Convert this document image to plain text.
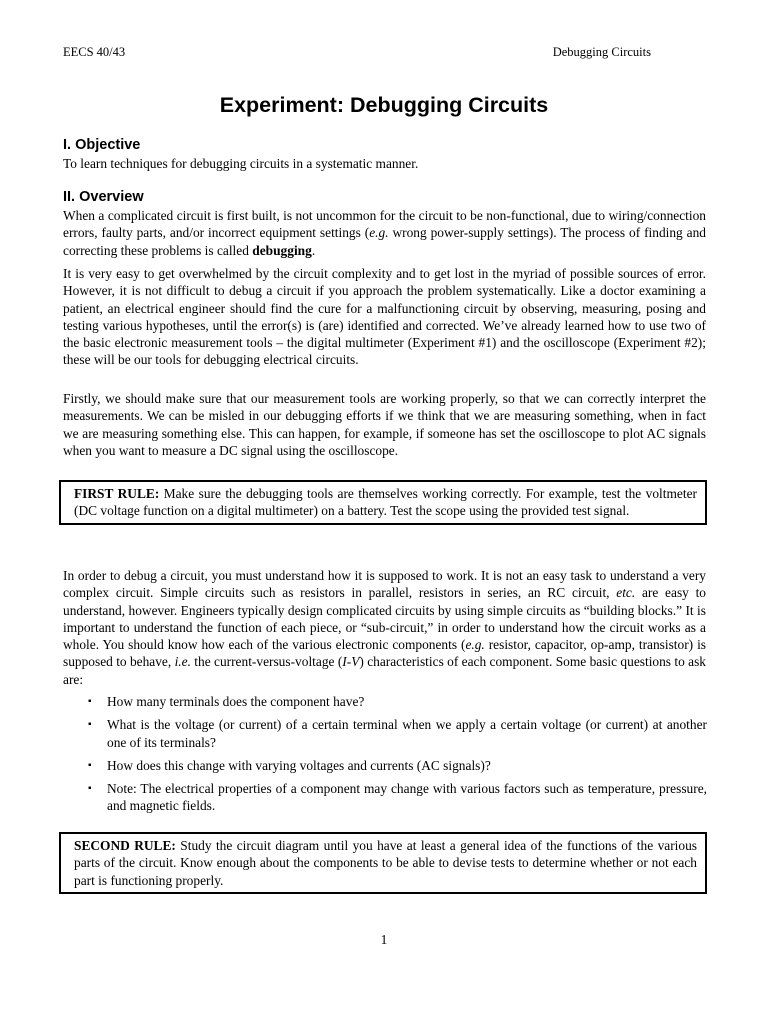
EECS 40/43	Debugging Circuits
Experiment: Debugging Circuits
I. Objective
To learn techniques for debugging circuits in a systematic manner.
II. Overview
When a complicated circuit is first built, is not uncommon for the circuit to be non-functional, due to wiring/connection errors, faulty parts, and/or incorrect equipment settings (e.g. wrong power-supply settings). The process of finding and correcting these problems is called debugging.
It is very easy to get overwhelmed by the circuit complexity and to get lost in the myriad of possible sources of error. However, it is not difficult to debug a circuit if you approach the problem systematically. Like a doctor examining a patient, an electrical engineer should find the cure for a malfunctioning circuit by observing, measuring, posing and testing various hypotheses, until the error(s) is (are) identified and corrected. We’ve already learned how to use two of the basic electronic measurement tools – the digital multimeter (Experiment #1) and the oscilloscope (Experiment #2); these will be our tools for debugging electrical circuits.
Firstly, we should make sure that our measurement tools are working properly, so that we can correctly interpret the measurements. We can be misled in our debugging efforts if we think that we are measuring something, when in fact we are measuring something else. This can happen, for example, if someone has set the oscilloscope to plot AC signals when you want to measure a DC signal using the oscilloscope.
FIRST RULE: Make sure the debugging tools are themselves working correctly. For example, test the voltmeter (DC voltage function on a digital multimeter) on a battery. Test the scope using the provided test signal.
In order to debug a circuit, you must understand how it is supposed to work. It is not an easy task to understand a very complex circuit. Simple circuits such as resistors in parallel, resistors in series, an RC circuit, etc. are easy to understand, however. Engineers typically design complicated circuits by using simple circuits as “building blocks.” It is important to understand the function of each piece, or “sub-circuit,” in order to understand how the circuit works as a whole. You should know how each of the various electronic components (e.g. resistor, capacitor, op-amp, transistor) is supposed to behave, i.e. the current-versus-voltage (I-V) characteristics of each component. Some basic questions to ask are:
▪ How many terminals does the component have?
▪ What is the voltage (or current) of a certain terminal when we apply a certain voltage (or current) at another one of its terminals?
▪ How does this change with varying voltages and currents (AC signals)?
▪ Note: The electrical properties of a component may change with various factors such as temperature, pressure, and magnetic fields.
SECOND RULE: Study the circuit diagram until you have at least a general idea of the functions of the various parts of the circuit. Know enough about the components to be able to devise tests to determine whether or not each part is functioning properly.
1
